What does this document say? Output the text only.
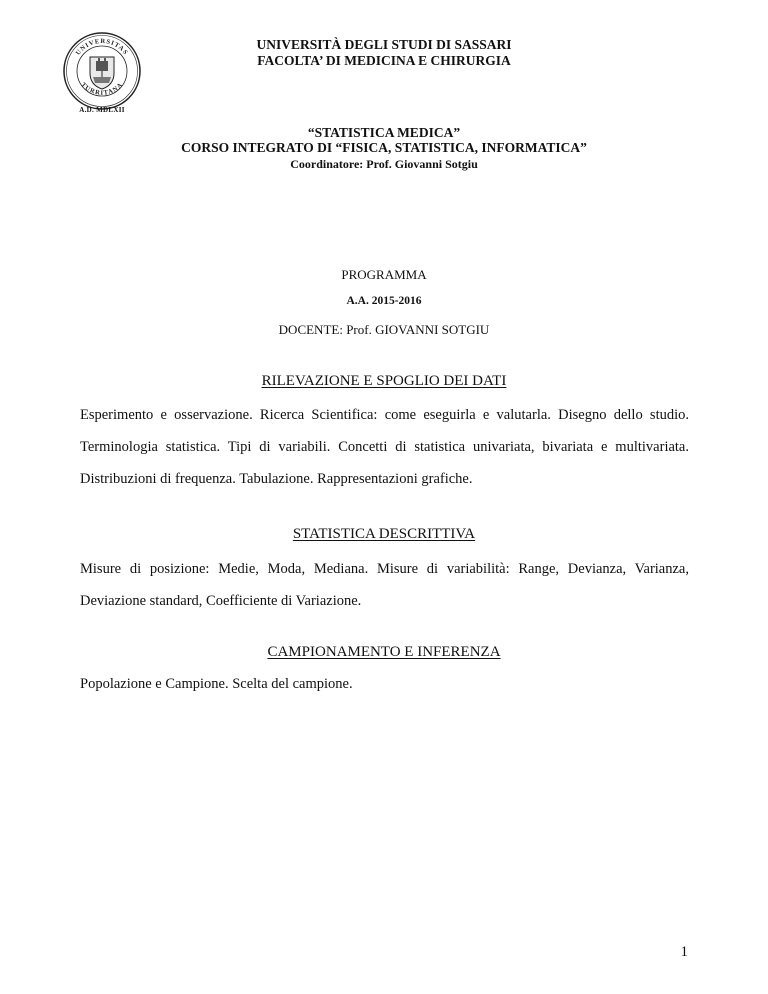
UNIVERSITAS
TURRITANA
A.D. MDLXII
UNIVERSITÀ DEGLI STUDI DI SASSARI
FACOLTA’ DI MEDICINA E CHIRURGIA
“STATISTICA MEDICA”
CORSO INTEGRATO DI “FISICA, STATISTICA, INFORMATICA”
Coordinatore: Prof. Giovanni Sotgiu
PROGRAMMA
A.A. 2015-2016
DOCENTE: Prof. GIOVANNI SOTGIU
RILEVAZIONE E SPOGLIO DEI DATI
Esperimento e osservazione. Ricerca Scientifica: come eseguirla e valutarla. Disegno dello studio.
Terminologia statistica. Tipi di variabili. Concetti di statistica univariata, bivariata e multivariata.
Distribuzioni di frequenza. Tabulazione. Rappresentazioni grafiche.
STATISTICA DESCRITTIVA
Misure di posizione: Medie, Moda, Mediana. Misure di variabilità: Range, Devianza, Varianza,
Deviazione standard, Coefficiente di Variazione.
CAMPIONAMENTO E INFERENZA
Popolazione e Campione. Scelta del campione.
1
